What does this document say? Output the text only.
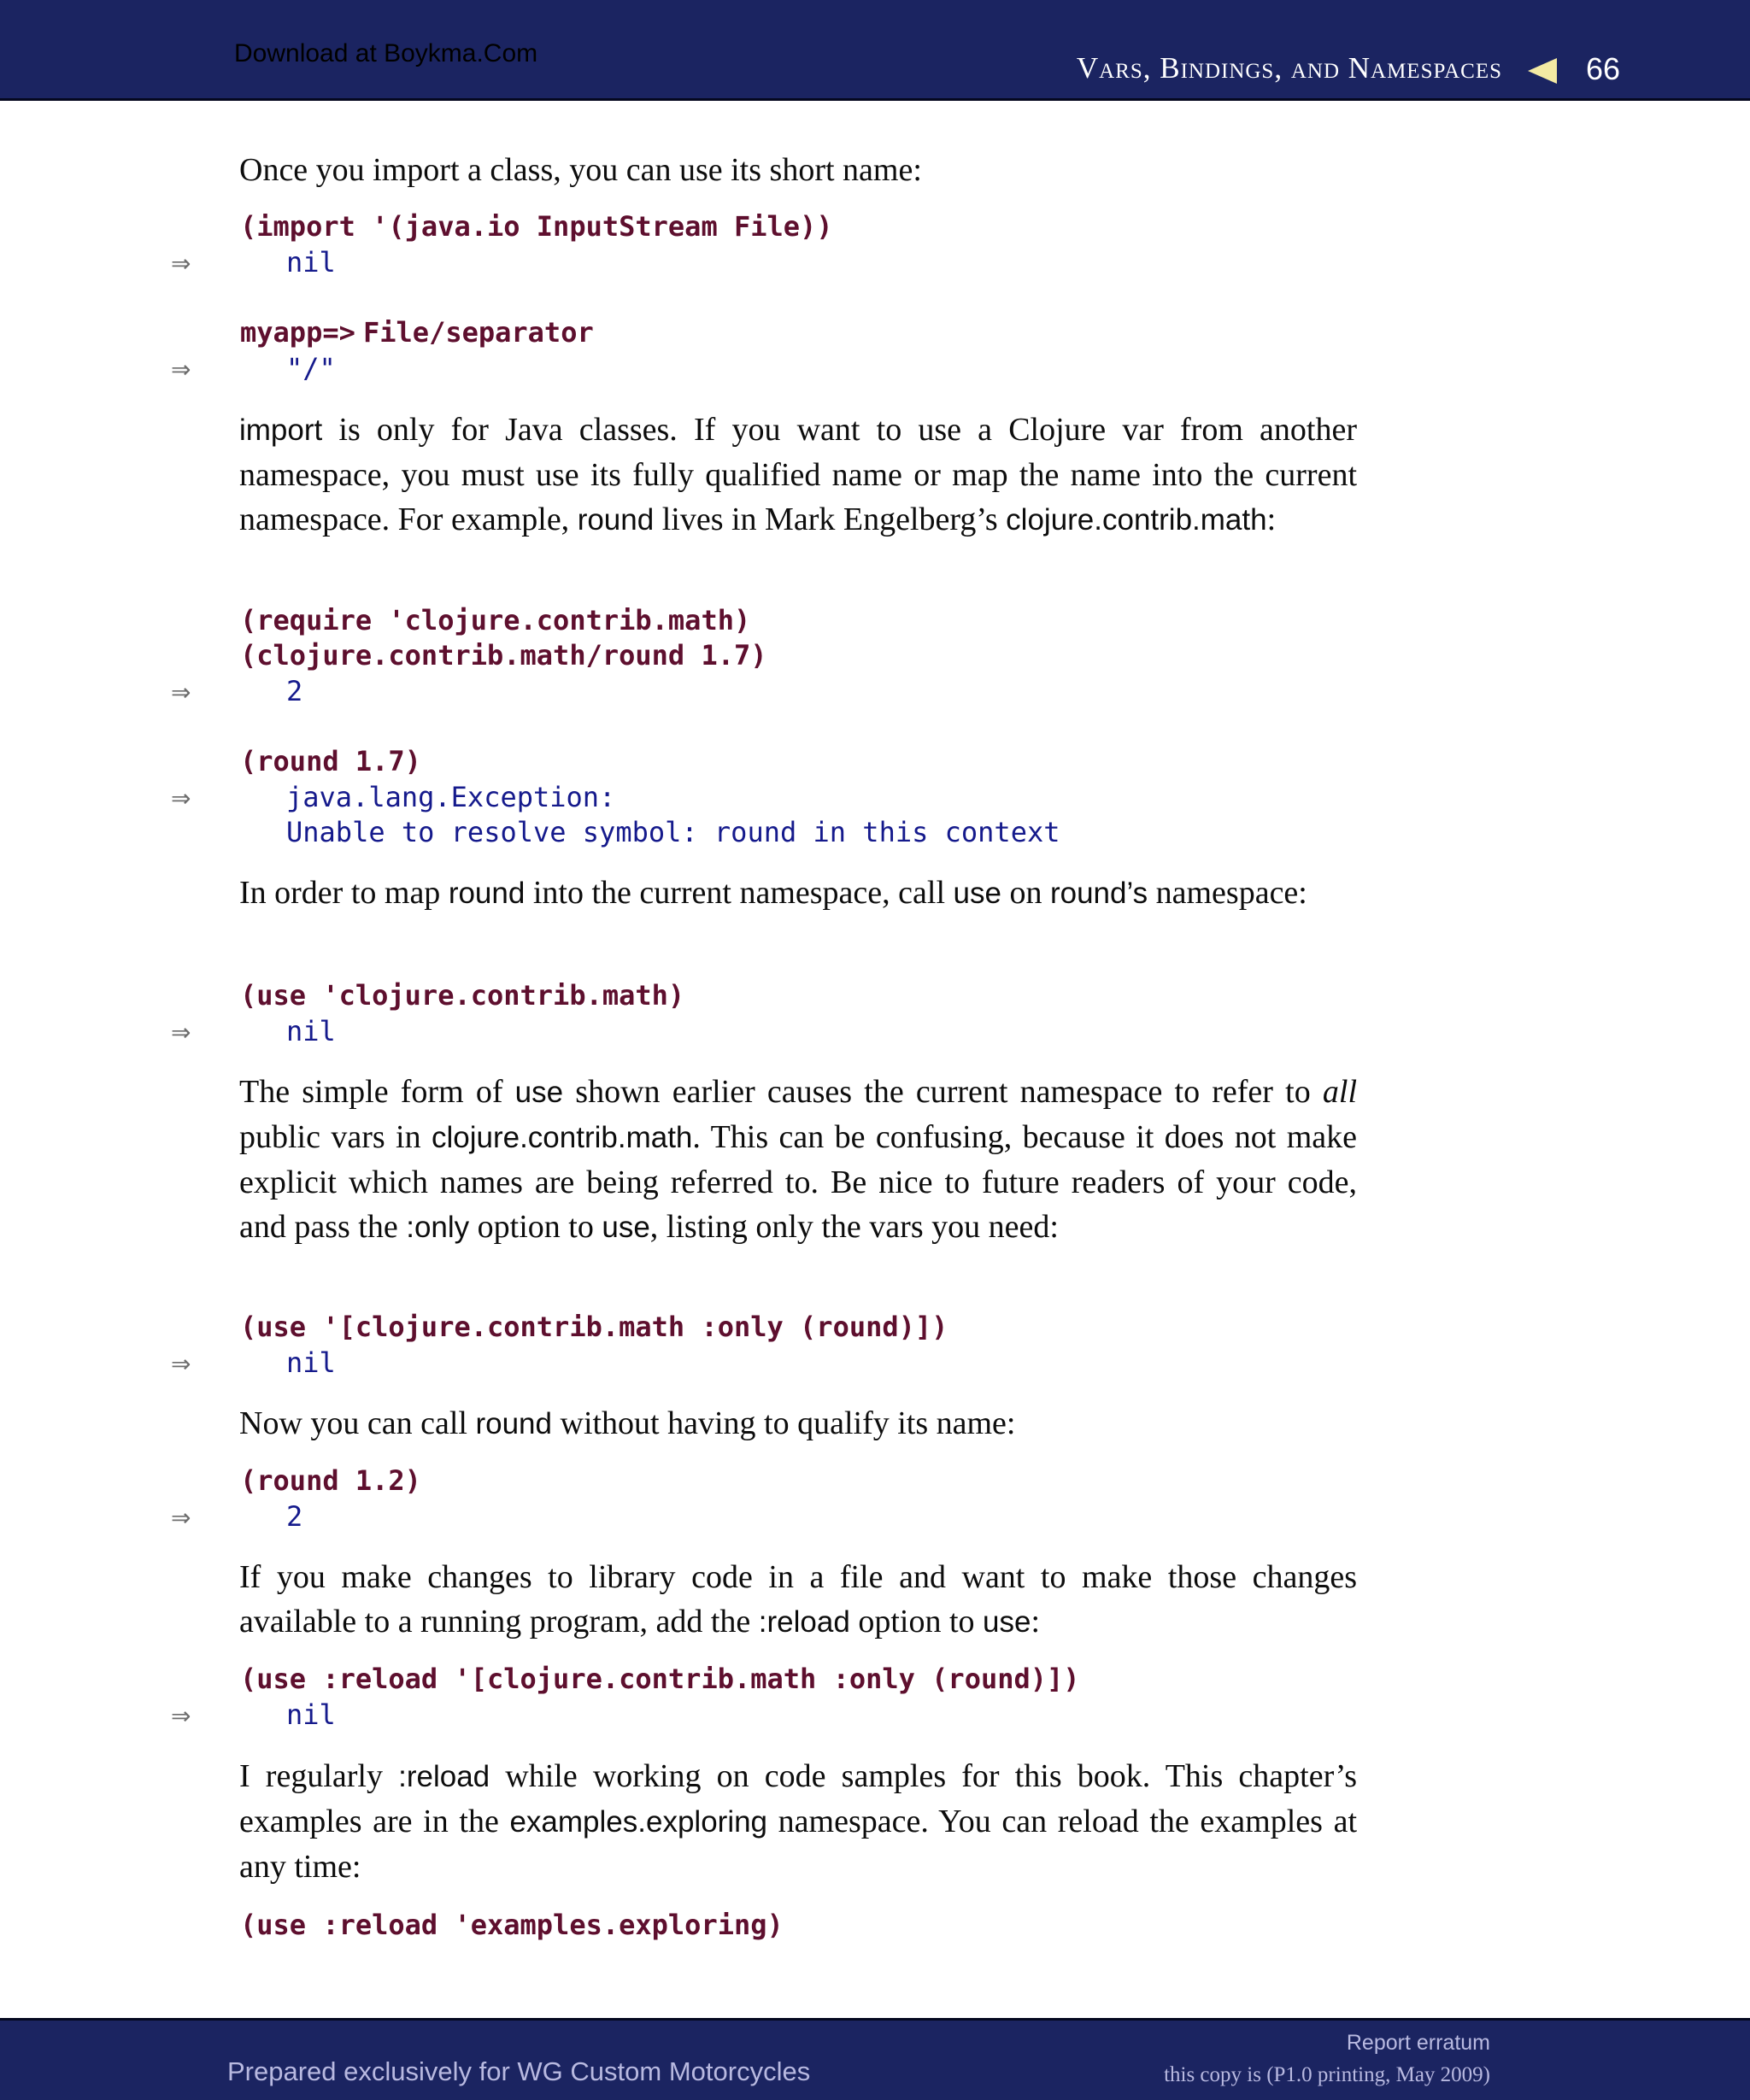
Download at Boykma.Com	Vars, Bindings, and Namespaces	66
Once you import a class, you can use its short name:
(import '(java.io InputStream File))
⇒	nil
myapp=> File/separator
⇒	"/"
import is only for Java classes. If you want to use a Clojure var from another namespace, you must use its fully qualified name or map the name into the current namespace. For example, round lives in Mark Engelberg’s clojure.contrib.math:
(require 'clojure.contrib.math)
(clojure.contrib.math/round 1.7)
⇒	2
(round 1.7)
⇒	java.lang.Exception:
Unable to resolve symbol: round in this context
In order to map round into the current namespace, call use on round’s namespace:
(use 'clojure.contrib.math)
⇒	nil
The simple form of use shown earlier causes the current namespace to refer to all public vars in clojure.contrib.math. This can be confusing, because it does not make explicit which names are being referred to. Be nice to future readers of your code, and pass the :only option to use, listing only the vars you need:
(use '[clojure.contrib.math :only (round)])
⇒	nil
Now you can call round without having to qualify its name:
(round 1.2)
⇒	2
If you make changes to library code in a file and want to make those changes available to a running program, add the :reload option to use:
(use :reload '[clojure.contrib.math :only (round)])
⇒	nil
I regularly :reload while working on code samples for this book. This chapter’s examples are in the examples.exploring namespace. You can reload the examples at any time:
(use :reload 'examples.exploring)
Prepared exclusively for WG Custom Motorcycles
Report erratum
this copy is (P1.0 printing, May 2009)
